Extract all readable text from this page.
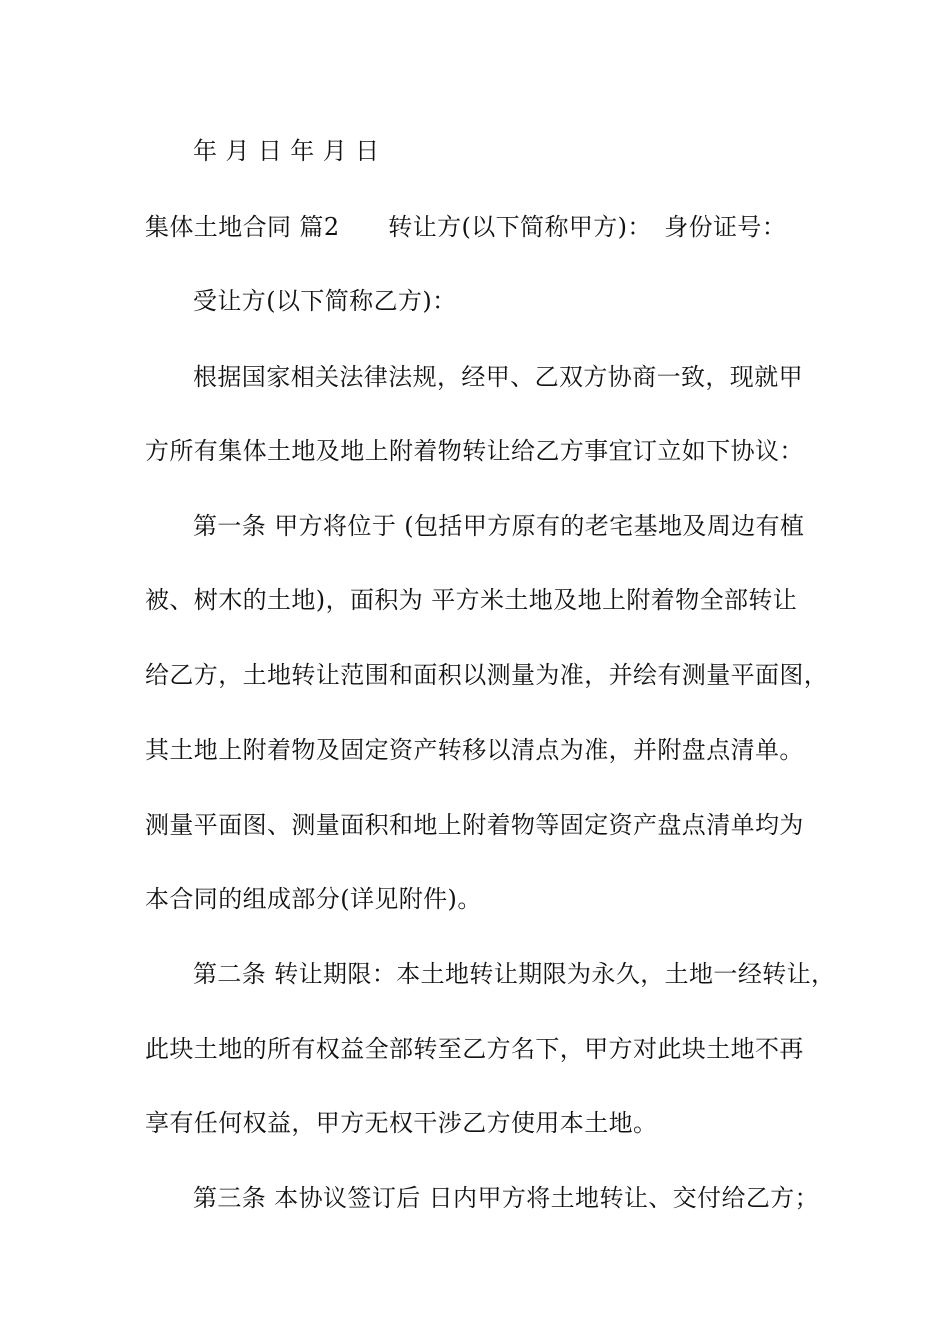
年 月 日 年 月 日
集体土地合同 篇2　　转让方(以下简称甲方)：　身份证号：
受让方(以下简称乙方)：
根据国家相关法律法规，经甲、乙双方协商一致，现就甲
方所有集体土地及地上附着物转让给乙方事宜订立如下协议：
第一条 甲方将位于 (包括甲方原有的老宅基地及周边有植
被、树木的土地)，面积为 平方米土地及地上附着物全部转让
给乙方，土地转让范围和面积以测量为准，并绘有测量平面图，
其土地上附着物及固定资产转移以清点为准，并附盘点清单。
测量平面图、测量面积和地上附着物等固定资产盘点清单均为
本合同的组成部分(详见附件)。
第二条 转让期限：本土地转让期限为永久，土地一经转让，
此块土地的所有权益全部转至乙方名下，甲方对此块土地不再
享有任何权益，甲方无权干涉乙方使用本土地。
第三条 本协议签订后 日内甲方将土地转让、交付给乙方；
